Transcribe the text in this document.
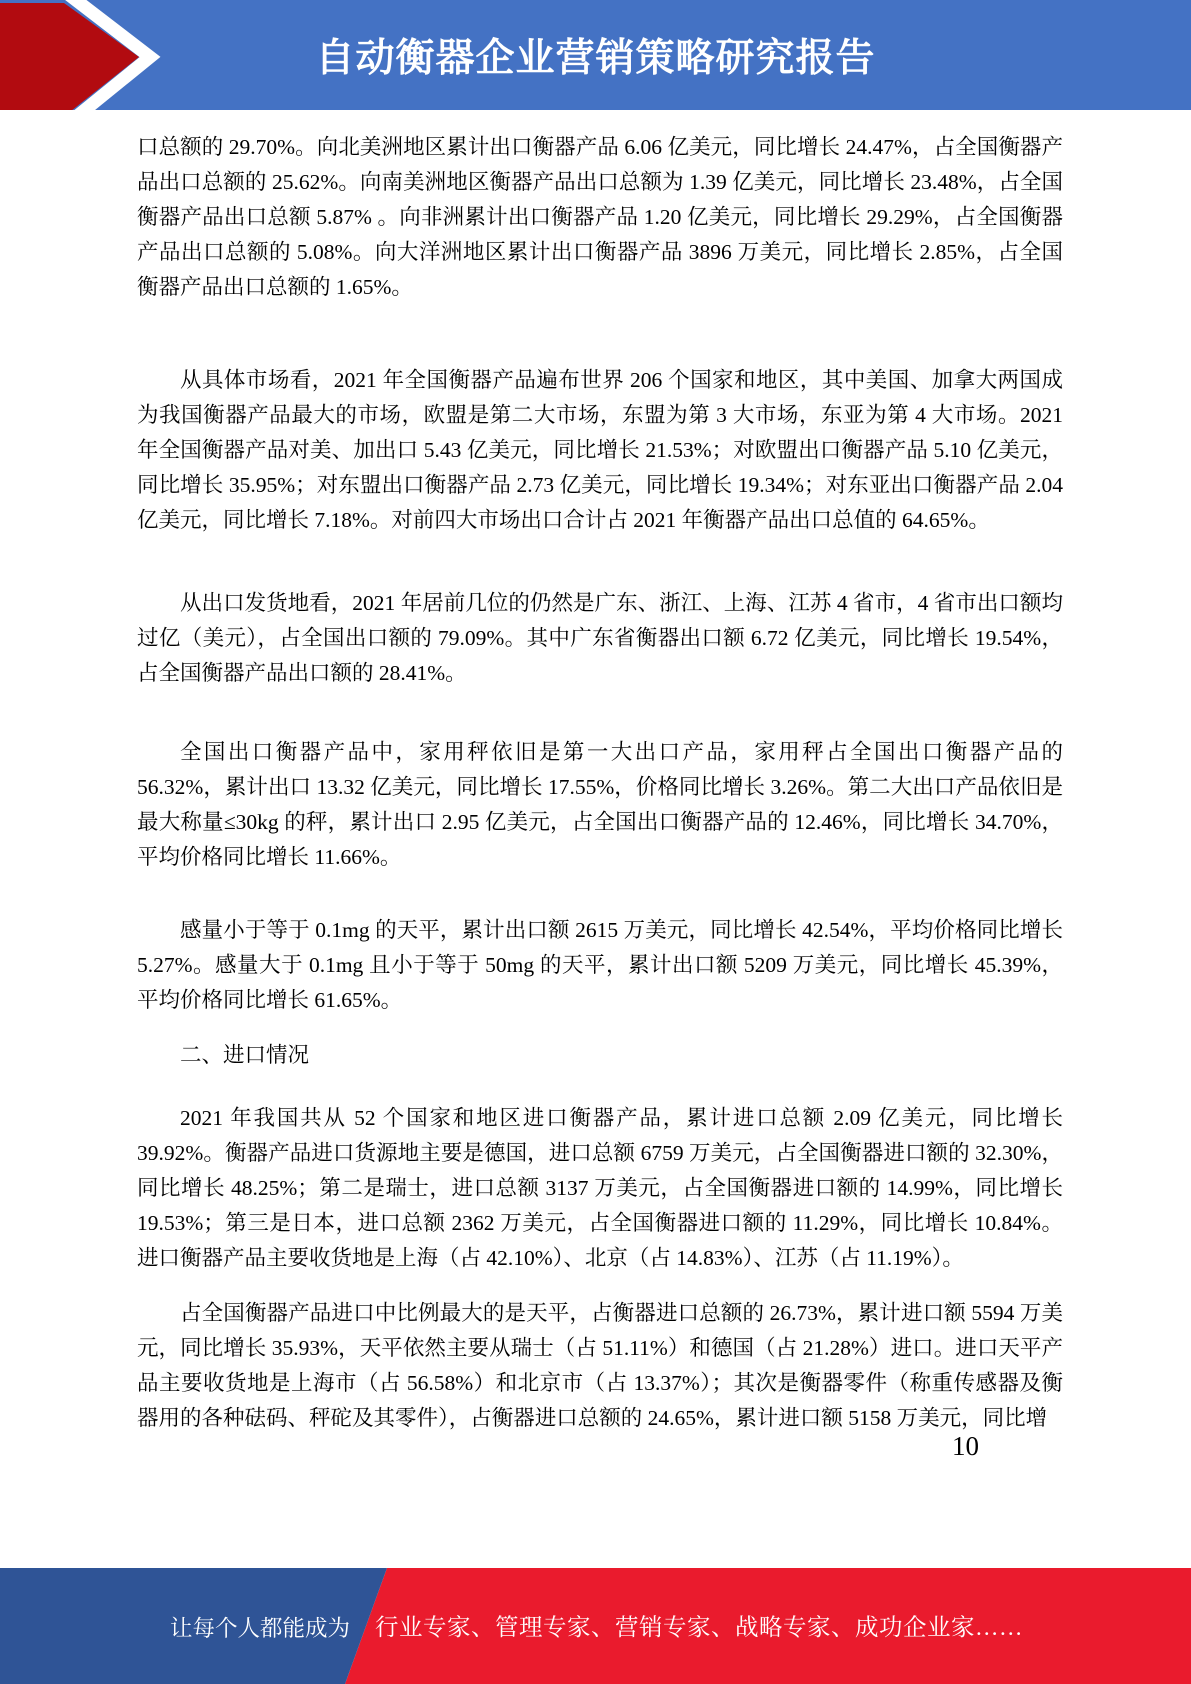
自动衡器企业营销策略研究报告

口总额的 29.70%。向北美洲地区累计出口衡器产品 6.06 亿美元，同比增长 24.47%，占全国衡器产品出口总额的 25.62%。向南美洲地区衡器产品出口总额为 1.39 亿美元，同比增长 23.48%，占全国衡器产品出口总额 5.87% 。向非洲累计出口衡器产品 1.20 亿美元，同比增长 29.29%，占全国衡器产品出口总额的 5.08%。向大洋洲地区累计出口衡器产品 3896 万美元，同比增长 2.85%，占全国衡器产品出口总额的 1.65%。

从具体市场看，2021 年全国衡器产品遍布世界 206 个国家和地区，其中美国、加拿大两国成为我国衡器产品最大的市场，欧盟是第二大市场，东盟为第 3 大市场，东亚为第 4 大市场。2021 年全国衡器产品对美、加出口 5.43 亿美元，同比增长 21.53%；对欧盟出口衡器产品 5.10 亿美元，同比增长 35.95%；对东盟出口衡器产品 2.73 亿美元，同比增长 19.34%；对东亚出口衡器产品 2.04 亿美元，同比增长 7.18%。对前四大市场出口合计占 2021 年衡器产品出口总值的 64.65%。

从出口发货地看，2021 年居前几位的仍然是广东、浙江、上海、江苏 4 省市，4 省市出口额均过亿（美元），占全国出口额的 79.09%。其中广东省衡器出口额 6.72 亿美元，同比增长 19.54%，占全国衡器产品出口额的 28.41%。

全国出口衡器产品中，家用秤依旧是第一大出口产品，家用秤占全国出口衡器产品的 56.32%，累计出口 13.32 亿美元，同比增长 17.55%，价格同比增长 3.26%。第二大出口产品依旧是最大称量≤30kg 的秤，累计出口 2.95 亿美元，占全国出口衡器产品的 12.46%，同比增长 34.70%，平均价格同比增长 11.66%。

感量小于等于 0.1mg 的天平，累计出口额 2615 万美元，同比增长 42.54%，平均价格同比增长 5.27%。感量大于 0.1mg 且小于等于 50mg 的天平，累计出口额 5209 万美元，同比增长 45.39%，平均价格同比增长 61.65%。

二、进口情况

2021 年我国共从 52 个国家和地区进口衡器产品，累计进口总额 2.09 亿美元，同比增长 39.92%。衡器产品进口货源地主要是德国，进口总额 6759 万美元，占全国衡器进口额的 32.30%，同比增长 48.25%；第二是瑞士，进口总额 3137 万美元，占全国衡器进口额的 14.99%，同比增长 19.53%；第三是日本，进口总额 2362 万美元，占全国衡器进口额的 11.29%，同比增长 10.84%。进口衡器产品主要收货地是上海（占 42.10%）、北京（占 14.83%）、江苏（占 11.19%）。

占全国衡器产品进口中比例最大的是天平，占衡器进口总额的 26.73%，累计进口额 5594 万美元，同比增长 35.93%，天平依然主要从瑞士（占 51.11%）和德国（占 21.28%）进口。进口天平产品主要收货地是上海市（占 56.58%）和北京市（占 13.37%）；其次是衡器零件（称重传感器及衡器用的各种砝码、秤砣及其零件），占衡器进口总额的 24.65%，累计进口额 5158 万美元，同比增

10
让每个人都能成为 行业专家、管理专家、营销专家、战略专家、成功企业家……
